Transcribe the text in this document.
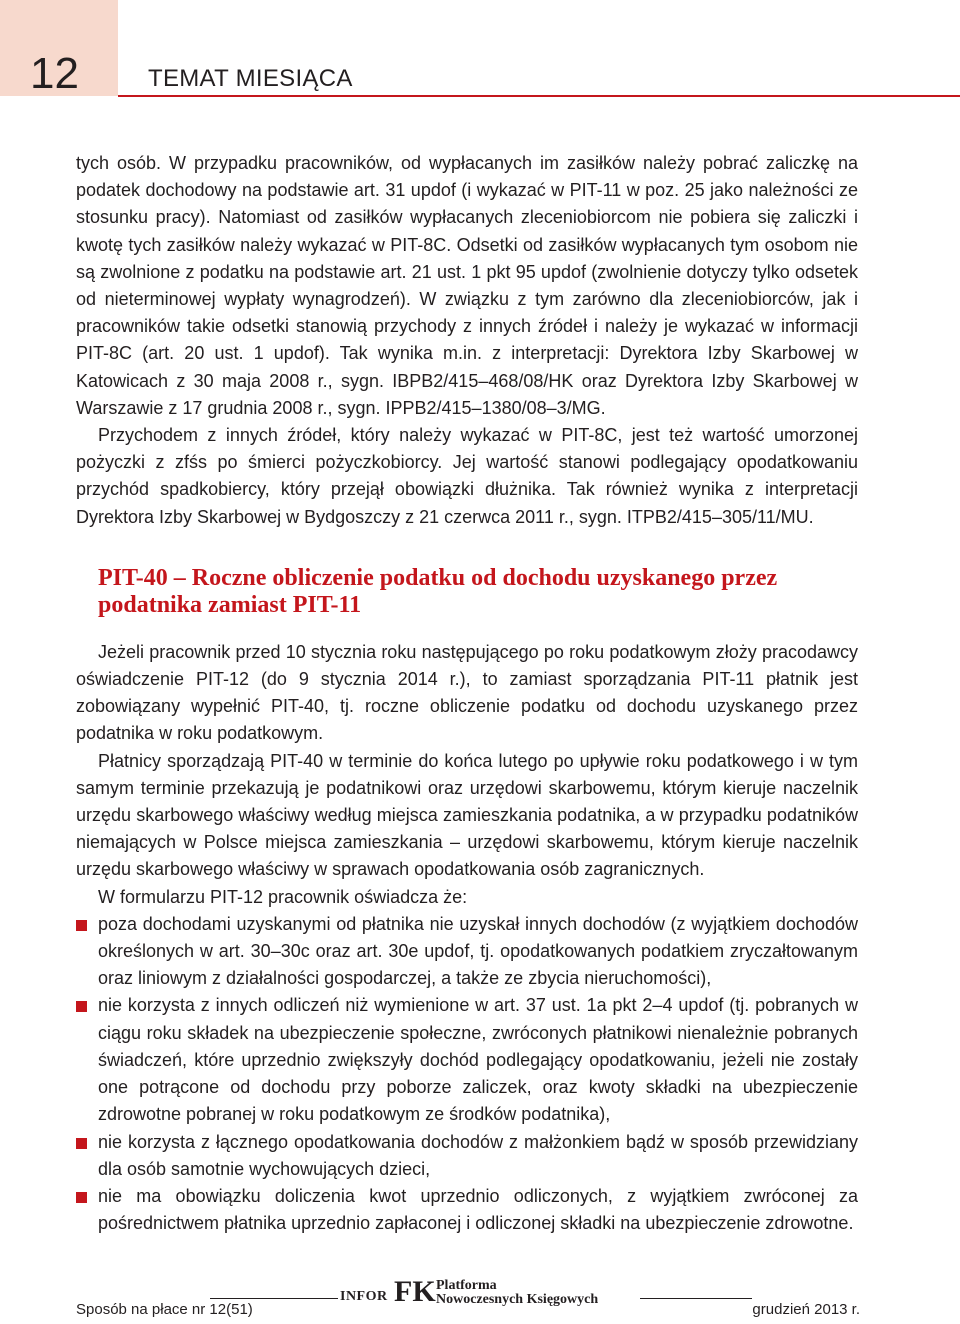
12	TEMAT MIESIĄCA

tych osób. W przypadku pracowników, od wypłacanych im zasiłków należy pobrać zaliczkę na podatek dochodowy na podstawie art. 31 updof (i wykazać w PIT-11 w poz. 25 jako należności ze stosunku pracy). Natomiast od zasiłków wypłacanych zleceniobiorcom nie pobiera się zaliczki i kwotę tych zasiłków należy wykazać w PIT-8C. Odsetki od zasiłków wypłacanych tym osobom nie są zwolnione z podatku na podstawie art. 21 ust. 1 pkt 95 updof (zwolnienie dotyczy tylko odsetek od nieterminowej wypłaty wynagrodzeń). W związku z tym zarówno dla zleceniobiorców, jak i pracowników takie odsetki stanowią przychody z innych źródeł i należy je wykazać w informacji PIT-8C (art. 20 ust. 1 updof). Tak wynika m.in. z interpretacji: Dyrektora Izby Skarbowej w Katowicach z 30 maja 2008 r., sygn. IBPB2/415–468/08/HK oraz Dyrektora Izby Skarbowej w Warszawie z 17 grudnia 2008 r., sygn. IPPB2/415–1380/08–3/MG.

Przychodem z innych źródeł, który należy wykazać w PIT-8C, jest też wartość umorzonej pożyczki z zfśs po śmierci pożyczkobiorcy. Jej wartość stanowi podlegający opodatkowaniu przychód spadkobiercy, który przejął obowiązki dłużnika. Tak również wynika z interpretacji Dyrektora Izby Skarbowej w Bydgoszczy z 21 czerwca 2011 r., sygn. ITPB2/415–305/11/MU.

PIT-40 – Roczne obliczenie podatku od dochodu uzyskanego przez podatnika zamiast PIT-11

Jeżeli pracownik przed 10 stycznia roku następującego po roku podatkowym złoży pracodawcy oświadczenie PIT-12 (do 9 stycznia 2014 r.), to zamiast sporządzania PIT-11 płatnik jest zobowiązany wypełnić PIT-40, tj. roczne obliczenie podatku od dochodu uzyskanego przez podatnika w roku podatkowym.

Płatnicy sporządzają PIT-40 w terminie do końca lutego po upływie roku podatkowego i w tym samym terminie przekazują je podatnikowi oraz urzędowi skarbowemu, którym kieruje naczelnik urzędu skarbowego właściwy według miejsca zamieszkania podatnika, a w przypadku podatników niemających w Polsce miejsca zamieszkania – urzędowi skarbowemu, którym kieruje naczelnik urzędu skarbowego właściwy w sprawach opodatkowania osób zagranicznych.

W formularzu PIT-12 pracownik oświadcza że:

poza dochodami uzyskanymi od płatnika nie uzyskał innych dochodów (z wyjątkiem dochodów określonych w art. 30–30c oraz art. 30e updof, tj. opodatkowanych podatkiem zryczałtowanym oraz liniowym z działalności gospodarczej, a także ze zbycia nieruchomości),
nie korzysta z innych odliczeń niż wymienione w art. 37 ust. 1a pkt 2–4 updof (tj. pobranych w ciągu roku składek na ubezpieczenie społeczne, zwróconych płatnikowi nienależnie pobranych świadczeń, które uprzednio zwiększyły dochód podlegający opodatkowaniu, jeżeli nie zostały one potrącone od dochodu przy poborze zaliczek, oraz kwoty składki na ubezpieczenie zdrowotne pobranej w roku podatkowym ze środków podatnika),
nie korzysta z łącznego opodatkowania dochodów z małżonkiem bądź w sposób przewidziany dla osób samotnie wychowujących dzieci,
nie ma obowiązku doliczenia kwot uprzednio odliczonych, z wyjątkiem zwróconej za pośrednictwem płatnika uprzednio zapłaconej i odliczonej składki na ubezpieczenie zdrowotne.
INFOR FK Platforma
Nowoczesnych Księgowych
Sposób na płace nr 12(51)	grudzień 2013 r.
